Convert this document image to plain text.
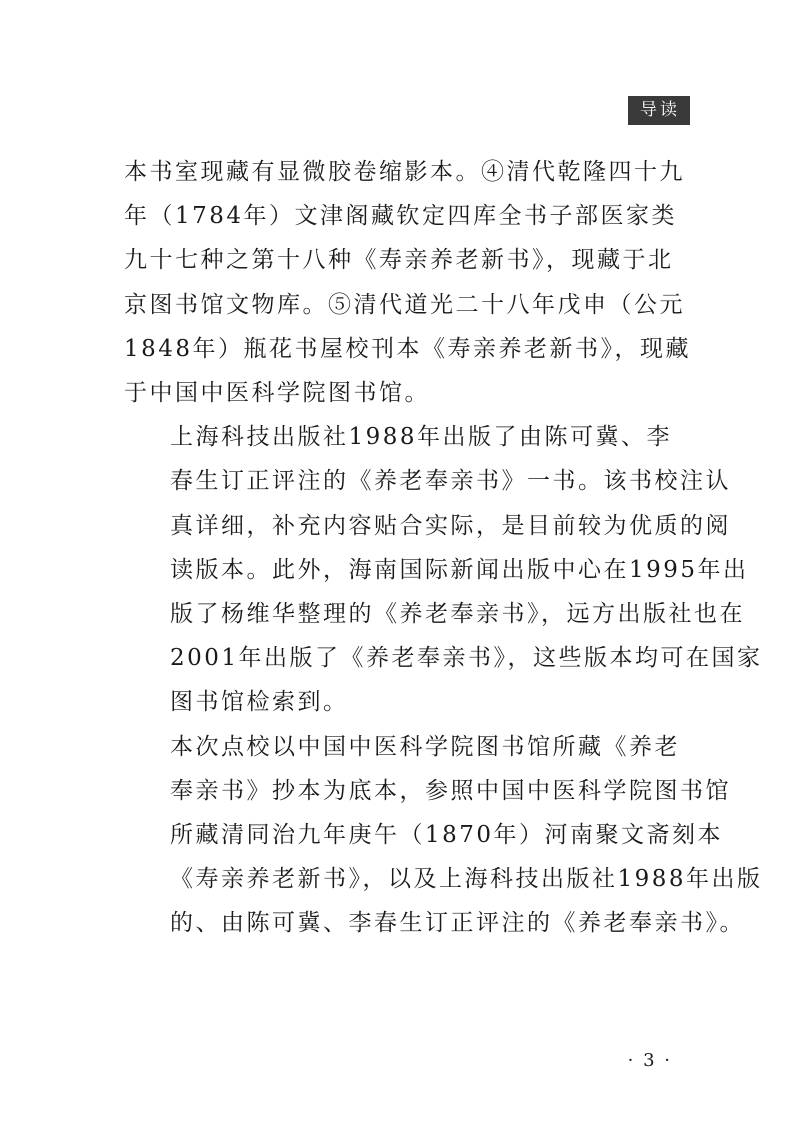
导读

本书室现藏有显微胶卷缩影本。④清代乾隆四十九
年（1784年）文津阁藏钦定四库全书子部医家类
九十七种之第十八种《寿亲养老新书》，现藏于北
京图书馆文物库。⑤清代道光二十八年戊申（公元
1848年）瓶花书屋校刊本《寿亲养老新书》，现藏
于中国中医科学院图书馆。

上海科技出版社1988年出版了由陈可冀、李
春生订正评注的《养老奉亲书》一书。该书校注认
真详细，补充内容贴合实际，是目前较为优质的阅
读版本。此外，海南国际新闻出版中心在1995年出
版了杨维华整理的《养老奉亲书》，远方出版社也在
2001年出版了《养老奉亲书》，这些版本均可在国家
图书馆检索到。

本次点校以中国中医科学院图书馆所藏《养老
奉亲书》抄本为底本，参照中国中医科学院图书馆
所藏清同治九年庚午（1870年）河南聚文斋刻本
《寿亲养老新书》，以及上海科技出版社1988年出版
的、由陈可冀、李春生订正评注的《养老奉亲书》。

· 3 ·
